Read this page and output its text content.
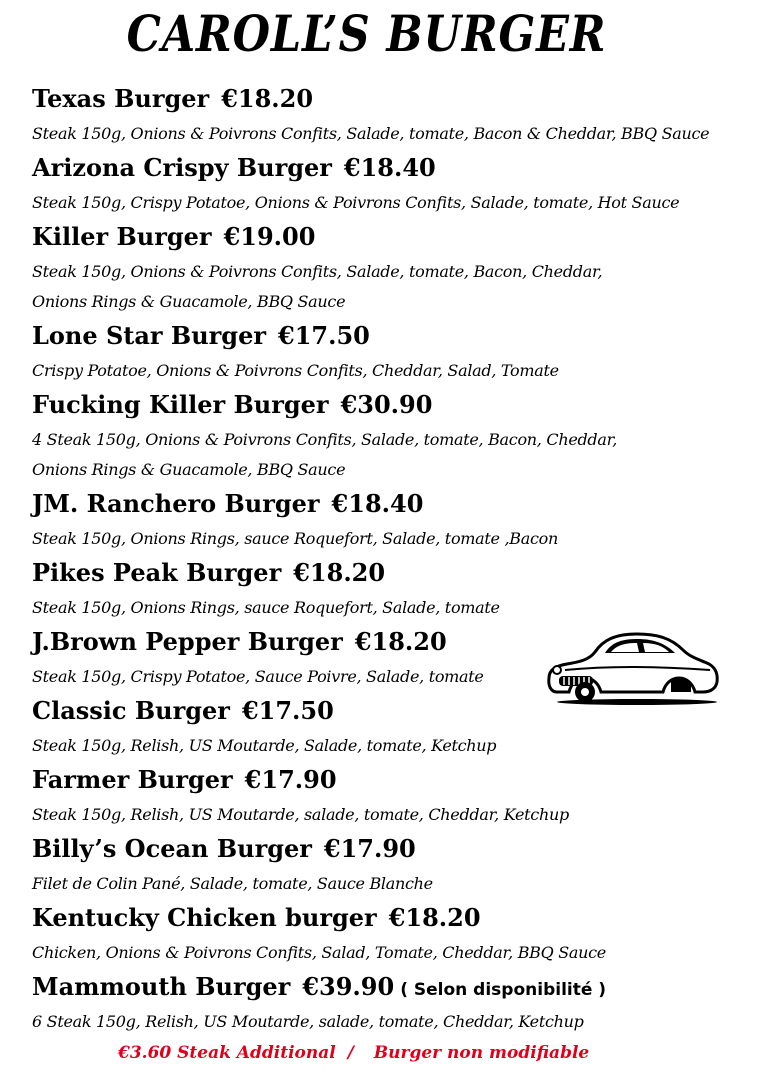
CAROLL’S BURGER
Texas Burger €18.20
Steak 150g, Onions & Poivrons Confits, Salade, tomate, Bacon & Cheddar, BBQ Sauce
Arizona Crispy Burger €18.40
Steak 150g, Crispy Potatoe, Onions & Poivrons Confits, Salade, tomate, Hot Sauce
Killer Burger €19.00
Steak 150g, Onions & Poivrons Confits, Salade, tomate, Bacon, Cheddar,
Onions Rings & Guacamole, BBQ Sauce
Lone Star Burger €17.50
Crispy Potatoe, Onions & Poivrons Confits, Cheddar, Salad, Tomate
Fucking Killer Burger €30.90
4 Steak 150g, Onions & Poivrons Confits, Salade, tomate, Bacon, Cheddar,
Onions Rings & Guacamole, BBQ Sauce
JM. Ranchero Burger €18.40
Steak 150g, Onions Rings, sauce Roquefort, Salade, tomate ,Bacon
Pikes Peak Burger €18.20
Steak 150g, Onions Rings, sauce Roquefort, Salade, tomate
J.Brown Pepper Burger €18.20
Steak 150g, Crispy Potatoe, Sauce Poivre, Salade, tomate
Classic Burger €17.50
Steak 150g, Relish, US Moutarde, Salade, tomate, Ketchup
Farmer Burger €17.90
Steak 150g, Relish, US Moutarde, salade, tomate, Cheddar, Ketchup
Billy’s Ocean Burger €17.90
Filet de Colin Pané, Salade, tomate, Sauce Blanche
Kentucky Chicken burger €18.20
Chicken, Onions & Poivrons Confits, Salad, Tomate, Cheddar, BBQ Sauce
Mammouth Burger €39.90 ( Selon disponibilité )
6 Steak 150g, Relish, US Moutarde, salade, tomate, Cheddar, Ketchup
€3.60 Steak Additional / Burger non modifiable
